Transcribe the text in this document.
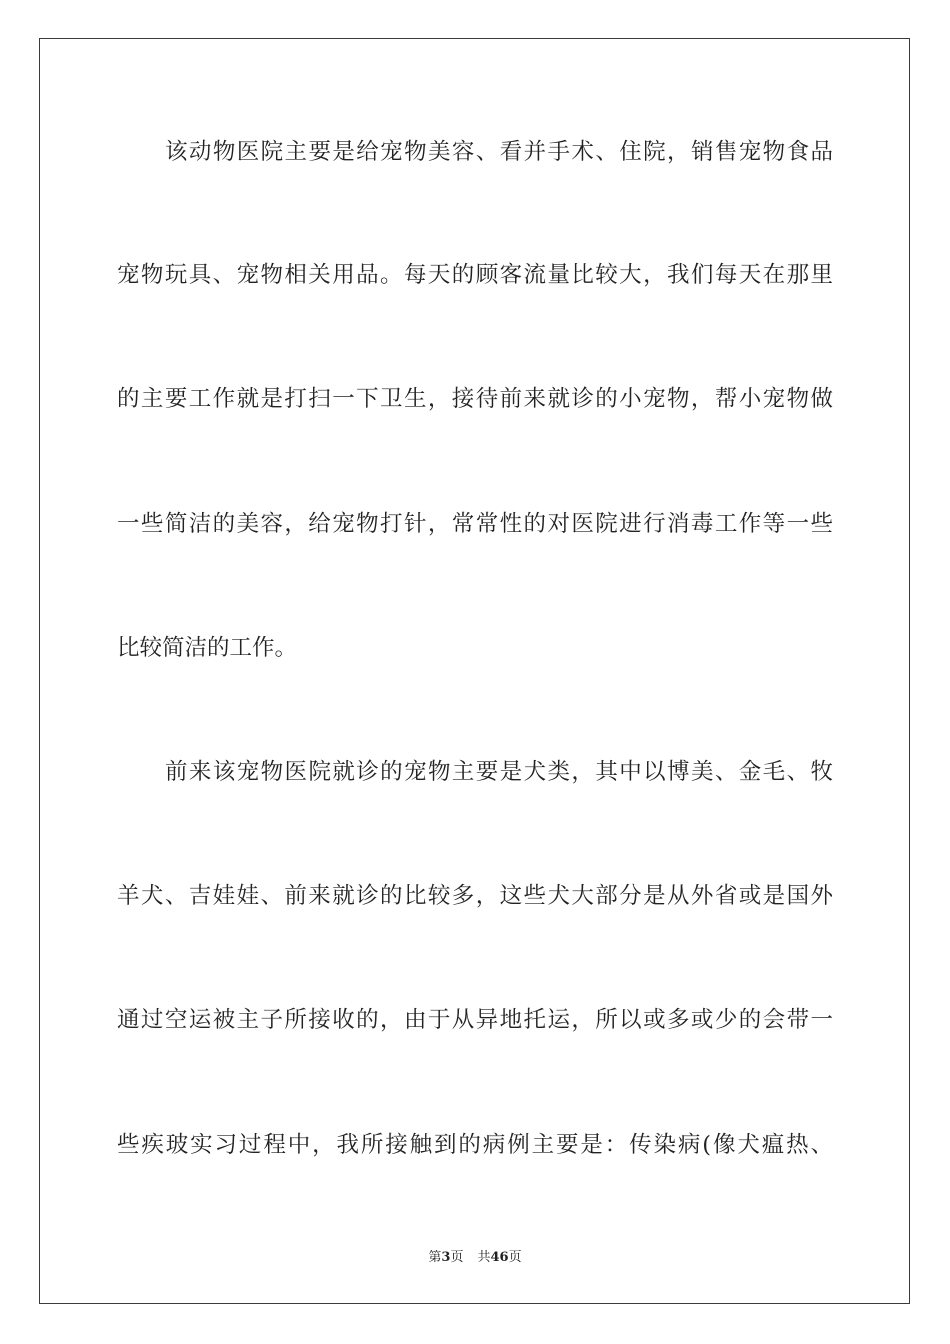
该动物医院主要是给宠物美容、看并手术、住院，销售宠物食品
宠物玩具、宠物相关用品。每天的顾客流量比较大，我们每天在那里
的主要工作就是打扫一下卫生，接待前来就诊的小宠物，帮小宠物做
一些简洁的美容，给宠物打针，常常性的对医院进行消毒工作等一些
比较简洁的工作。
前来该宠物医院就诊的宠物主要是犬类，其中以博美、金毛、牧
羊犬、吉娃娃、前来就诊的比较多，这些犬大部分是从外省或是国外
通过空运被主子所接收的，由于从异地托运，所以或多或少的会带一
些疾玻实习过程中，我所接触到的病例主要是：传染病(像犬瘟热、
第3页 共46页
